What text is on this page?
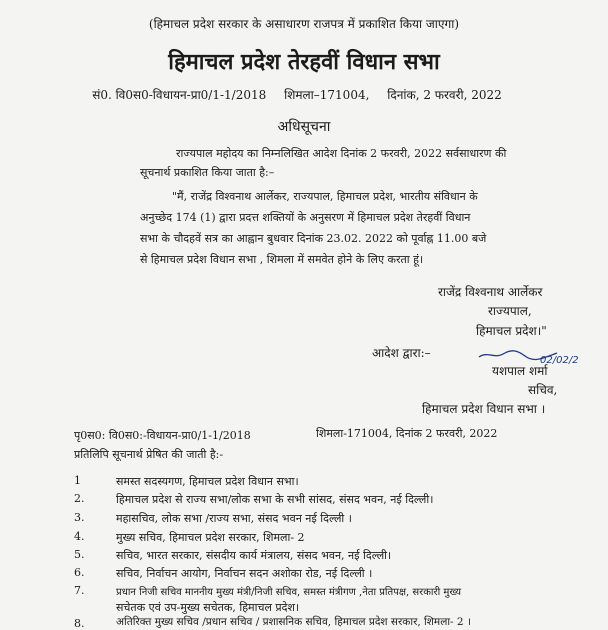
(हिमाचल प्रदेश सरकार के असाधारण राजपत्र में प्रकाशित किया जाएगा)
हिमाचल प्रदेश तेरहवीं विधान सभा
सं0. वि0स0-विधायन-प्रा0/1-1/2018 शिमला–171004, दिनांक, 2 फरवरी, 2022
अधिसूचना
राज्यपाल महोदय का निम्नलिखित आदेश दिनांक 2 फरवरी, 2022 सर्वसाधारण की
सूचनार्थ प्रकाशित किया जाता है:–
"मैं, राजेंद्र विश्वनाथ आर्लेकर, राज्यपाल, हिमाचल प्रदेश, भारतीय संविधान के
अनुच्छेद 174 (1) द्वारा प्रदत्त शक्तियों के अनुसरण में हिमाचल प्रदेश तेरहवीं विधान
सभा के चौदहवें सत्र का आह्वान बुधवार दिनांक 23.02. 2022 को पूर्वाह्न 11.00 बजे
से हिमाचल प्रदेश विधान सभा , शिमला में समवेत होने के लिए करता हूं।
राजेंद्र विश्वनाथ आर्लेकर
राज्यपाल,
हिमाचल प्रदेश।"
आदेश द्वारा:–
02/02/2
यशपाल शर्मा
सचिव,
हिमाचल प्रदेश विधान सभा ।
पृ0स0: वि0स0:-विधायन-प्रा0/1-1/2018	शिमला-171004, दिनांक 2 फरवरी, 2022
प्रतिलिपि सूचनार्थ प्रेषित की जाती है:-
1	समस्त सदस्यगण, हिमाचल प्रदेश विधान सभा।
2.	हिमाचल प्रदेश से राज्य सभा/लोक सभा के सभी सांसद, संसद भवन, नई दिल्ली।
3.	महासचिव, लोक सभा /राज्य सभा, संसद भवन नई दिल्ली ।
4.	मुख्य सचिव, हिमाचल प्रदेश सरकार, शिमला- 2
5.	सचिव, भारत सरकार, संसदीय कार्य मंत्रालय, संसद भवन, नई दिल्ली।
6.	सचिव, निर्वाचन आयोग, निर्वाचन सदन अशोका रोड, नई दिल्ली ।
7.	प्रधान निजी सचिव माननीय मुख्य मंत्री/निजी सचिव, समस्त मंत्रीगण ,नेता प्रतिपक्ष, सरकारी मुख्य
सचेतक एवं उप-मुख्य सचेतक, हिमाचल प्रदेश।
8.	अतिरिक्त मुख्य सचिव /प्रधान सचिव / प्रशासनिक सचिव, हिमाचल प्रदेश सरकार, शिमला- 2 ।
